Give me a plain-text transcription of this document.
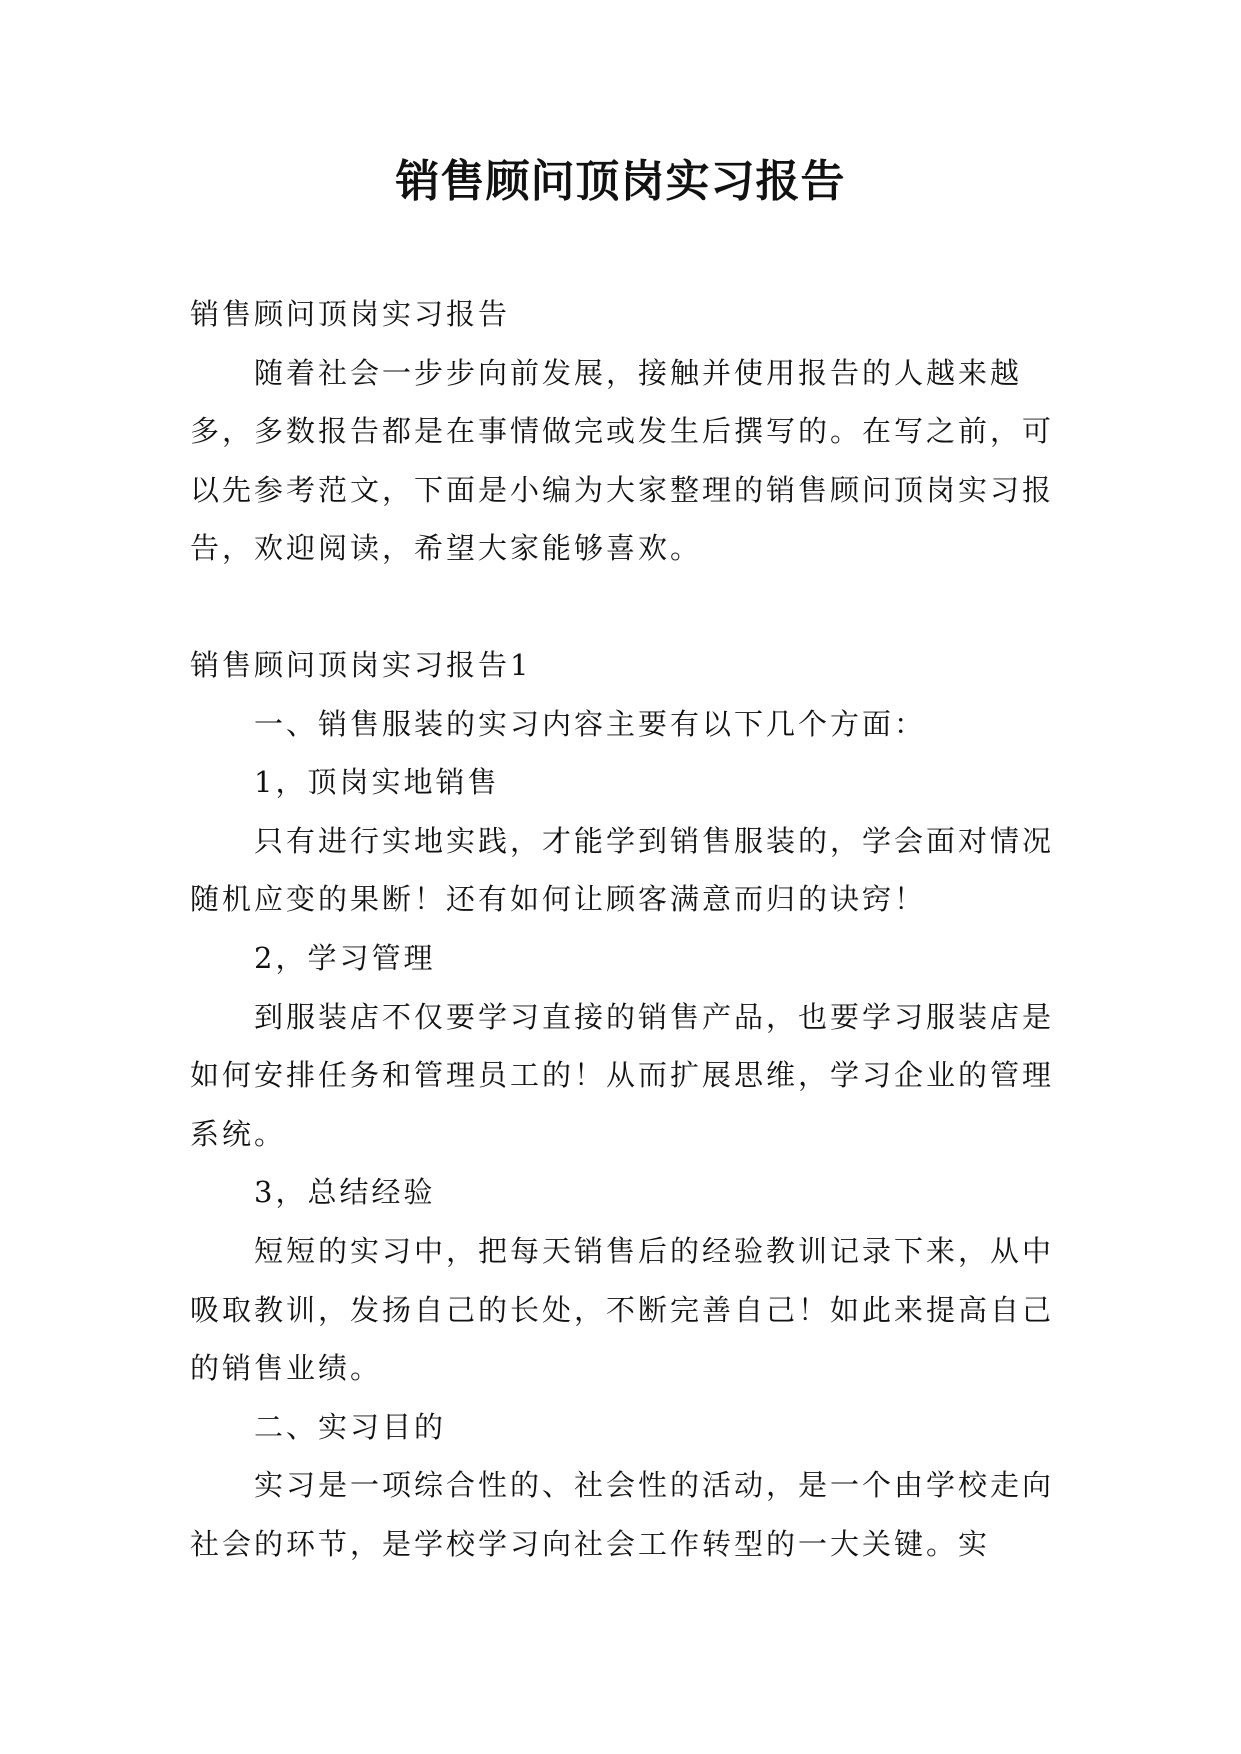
销售顾问顶岗实习报告

销售顾问顶岗实习报告

随着社会一步步向前发展，接触并使用报告的人越来越多，多数报告都是在事情做完或发生后撰写的。在写之前，可以先参考范文，下面是小编为大家整理的销售顾问顶岗实习报告，欢迎阅读，希望大家能够喜欢。

销售顾问顶岗实习报告1

一、销售服装的实习内容主要有以下几个方面：

1，顶岗实地销售

只有进行实地实践，才能学到销售服装的，学会面对情况随机应变的果断！还有如何让顾客满意而归的诀窍！

2，学习管理

到服装店不仅要学习直接的销售产品，也要学习服装店是如何安排任务和管理员工的！从而扩展思维，学习企业的管理系统。

3，总结经验

短短的实习中，把每天销售后的经验教训记录下来，从中吸取教训，发扬自己的长处，不断完善自己！如此来提高自己的销售业绩。

二、实习目的

实习是一项综合性的、社会性的活动，是一个由学校走向社会的环节，是学校学习向社会工作转型的一大关键。实
